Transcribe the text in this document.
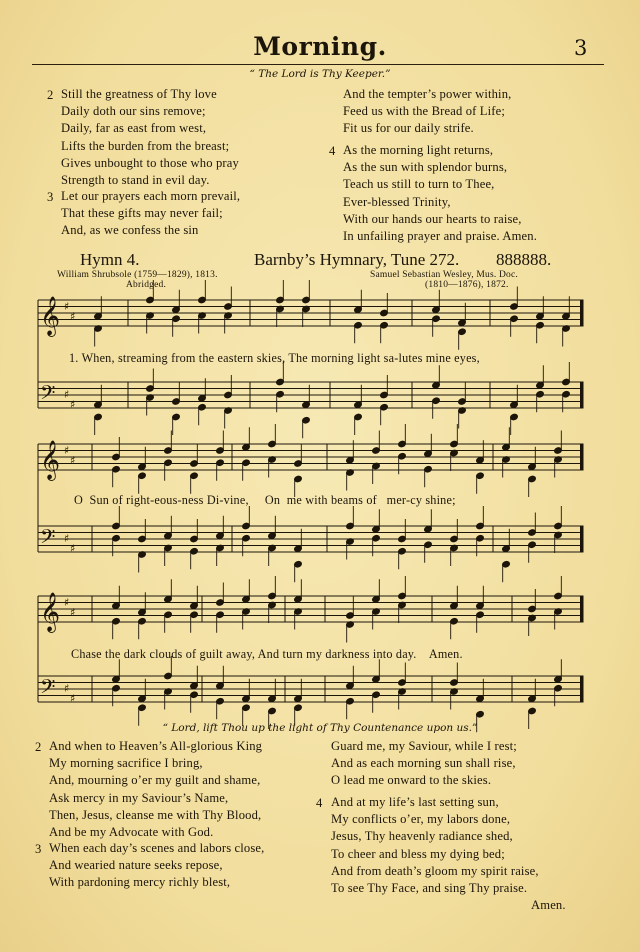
Morning.	3
“ The Lord is Thy Keeper.”
2 Still the greatness of Thy love
Daily doth our sins remove;
Daily, far as east from west,
Lifts the burden from the breast;
Gives unbought to those who pray
Strength to stand in evil day.
3 Let our prayers each morn prevail,
That these gifts may never fail;
And, as we confess the sin
And the tempter’s power within,
Feed us with the Bread of Life;
Fit us for our daily strife.
4 As the morning light returns,
As the sun with splendor burns,
Teach us still to turn to Thee,
Ever-blessed Trinity,
With our hands our hearts to raise,
In unfailing prayer and praise. Amen.
Hymn 4.	Barnby’s Hymnary, Tune 272. 888888.
William Shrubsole (1759—1829), 1813.
Abridged.
Samuel Sebastian Wesley, Mus. Doc.
(1810—1876), 1872.
𝄞 ♯
♯
𝄢 ♯
♯
𝄞 ♯
♯
𝄢 ♯
♯
𝄞 ♯
♯
𝄢 ♯
♯
1. When, streaming from the eastern skies, The morning light sa-lutes mine eyes,
O  Sun of right-eous-ness Di-vine,     On  me with beams of   mer-cy shine;
Chase the dark clouds of guilt away, And turn my darkness into day.    Amen.
“ Lord, lift Thou up the light of Thy Countenance upon us.”
2 And when to Heaven’s All-glorious King
My morning sacrifice I bring,
And, mourning o’er my guilt and shame,
Ask mercy in my Saviour’s Name,
Then, Jesus, cleanse me with Thy Blood,
And be my Advocate with God.
3 When each day’s scenes and labors close,
And wearied nature seeks repose,
With pardoning mercy richly blest,
Guard me, my Saviour, while I rest;
And as each morning sun shall rise,
O lead me onward to the skies.
4 And at my life’s last setting sun,
My conflicts o’er, my labors done,
Jesus, Thy heavenly radiance shed,
To cheer and bless my dying bed;
And from death’s gloom my spirit raise,
To see Thy Face, and sing Thy praise.
Amen.
